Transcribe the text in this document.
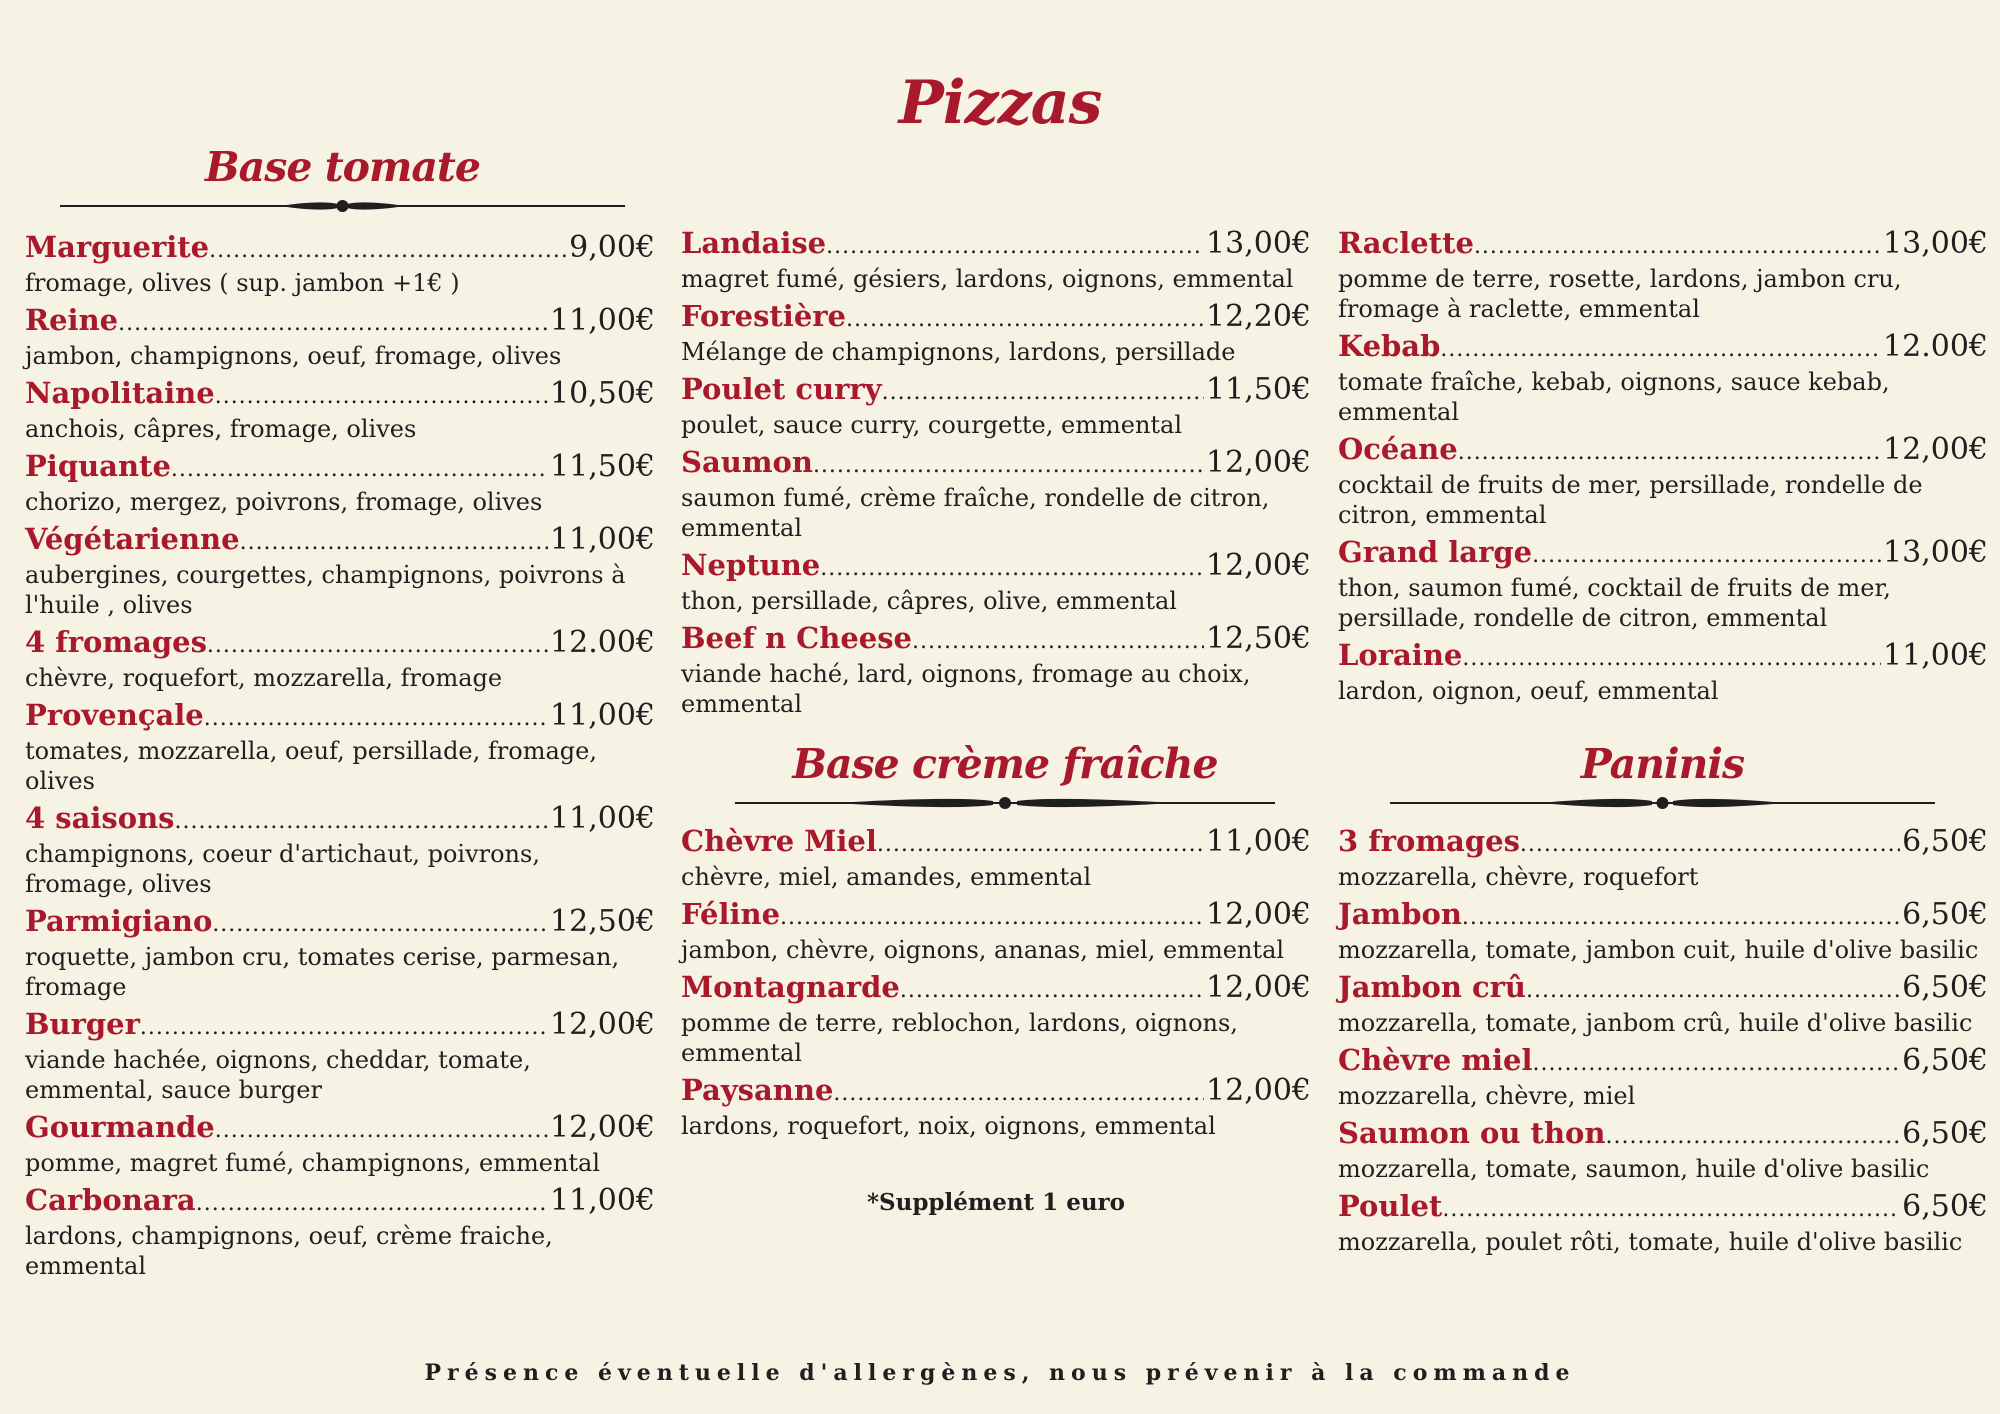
Pizzas
Base tomate
Base crème fraîche	Paninis
Marguerite .....	9,00€
fromage, olives ( sup. jambon +1€ )
Reine .....	11,00€
jambon, champignons, oeuf, fromage, olives
Napolitaine .....	10,50€
anchois, câpres, fromage, olives
Piquante .....	11,50€
chorizo, mergez, poivrons, fromage, olives
Végétarienne .....	11,00€
aubergines, courgettes, champignons, poivrons à l'huile , olives
4 fromages .....	12.00€
chèvre, roquefort, mozzarella, fromage
Provençale .....	11,00€
tomates, mozzarella, oeuf, persillade, fromage, olives
4 saisons .....	11,00€
champignons, coeur d'artichaut, poivrons, fromage, olives
Parmigiano .....	12,50€
roquette, jambon cru, tomates cerise, parmesan, fromage
Burger .....	12,00€
viande hachée, oignons, cheddar, tomate, emmental, sauce burger
Gourmande .....	12,00€
pomme, magret fumé, champignons, emmental
Carbonara .....	11,00€
lardons, champignons, oeuf, crème fraiche, emmental
Landaise .....	13,00€
magret fumé, gésiers, lardons, oignons, emmental
Forestière .....	12,20€
Mélange de champignons, lardons, persillade
Poulet curry .....	11,50€
poulet, sauce curry, courgette, emmental
Saumon .....	12,00€
saumon fumé, crème fraîche, rondelle de citron, emmental
Neptune .....	12,00€
thon, persillade, câpres, olive, emmental
Beef n Cheese .....	12,50€
viande haché, lard, oignons, fromage au choix, emmental
Chèvre Miel .....	11,00€
chèvre, miel, amandes, emmental
Féline .....	12,00€
jambon, chèvre, oignons, ananas, miel, emmental
Montagnarde .....	12,00€
pomme de terre, reblochon, lardons, oignons, emmental
Paysanne .....	12,00€
lardons, roquefort, noix, oignons, emmental
Raclette .....	13,00€
pomme de terre, rosette, lardons, jambon cru, fromage à raclette, emmental
Kebab .....	12.00€
tomate fraîche, kebab, oignons, sauce kebab, emmental
Océane .....	12,00€
cocktail de fruits de mer, persillade, rondelle de citron, emmental
Grand large .....	13,00€
thon, saumon fumé, cocktail de fruits de mer, persillade, rondelle de citron, emmental
Loraine .....	11,00€
lardon, oignon, oeuf, emmental
3 fromages .....	6,50€
mozzarella, chèvre, roquefort
Jambon .....	6,50€
mozzarella, tomate, jambon cuit, huile d'olive basilic
Jambon crû .....	6,50€
mozzarella, tomate, janbom crû, huile d'olive basilic
Chèvre miel .....	6,50€
mozzarella, chèvre, miel
Saumon ou thon .....	6,50€
mozzarella, tomate, saumon, huile d'olive basilic
Poulet .....	6,50€
mozzarella, poulet rôti, tomate, huile d'olive basilic
*Supplément 1 euro
Présence éventuelle d'allergènes, nous prévenir à la commande
